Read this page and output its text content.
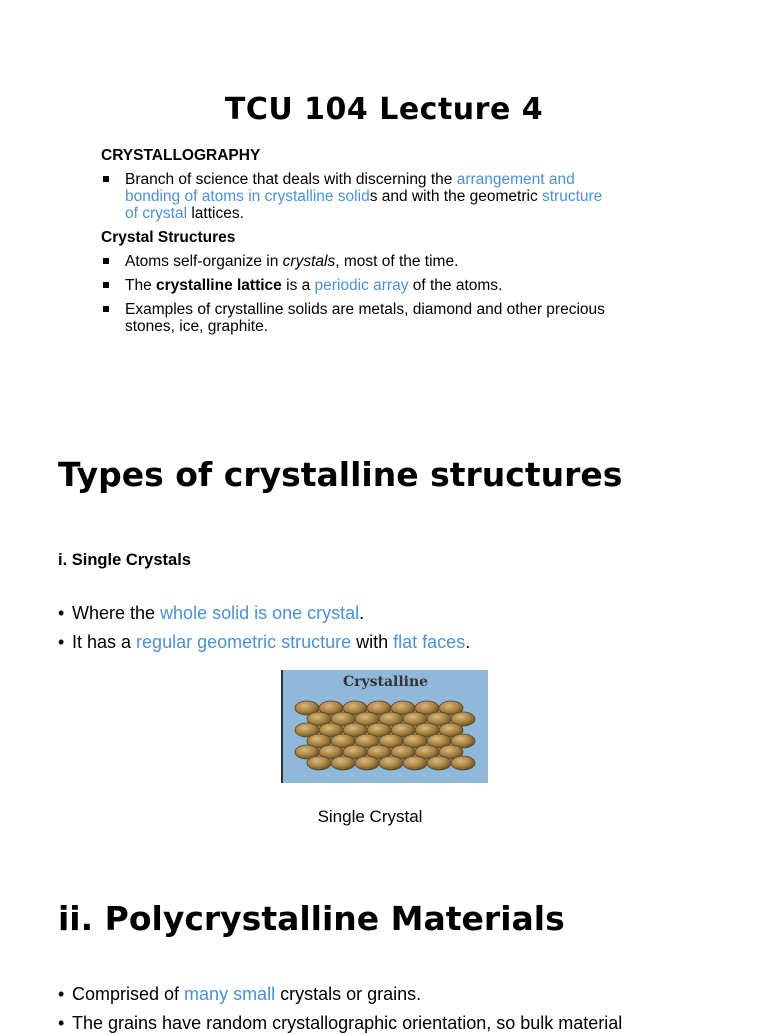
TCU 104 Lecture 4
CRYSTALLOGRAPHY
Branch of science that deals with discerning the arrangement and
bonding of atoms in crystalline solids and with the geometric structure
of crystal lattices.
Crystal Structures
Atoms self-organize in crystals, most of the time.
The crystalline lattice is a periodic array of the atoms.
Examples of crystalline solids are metals, diamond and other precious
stones, ice, graphite.
Types of crystalline structures
i. Single Crystals
• Where the whole solid is one crystal.
• It has a regular geometric structure with flat faces.
Crystalline
Single Crystal
ii. Polycrystalline Materials
• Comprised of many small crystals or grains.
• The grains have random crystallographic orientation, so bulk material
